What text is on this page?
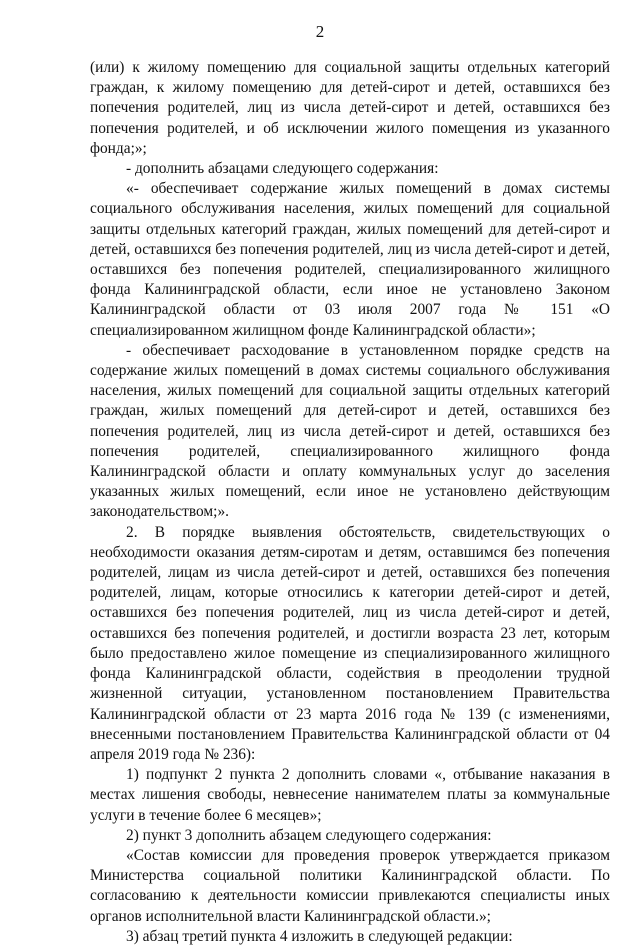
2

(или) к жилому помещению для социальной защиты отдельных категорий граждан, к жилому помещению для детей-сирот и детей, оставшихся без попечения родителей, лиц из числа детей-сирот и детей, оставшихся без попечения родителей, и об исключении жилого помещения из указанного фонда;»;

- дополнить абзацами следующего содержания:

«- обеспечивает содержание жилых помещений в домах системы социального обслуживания населения, жилых помещений для социальной защиты отдельных категорий граждан, жилых помещений для детей-сирот и детей, оставшихся без попечения родителей, лиц из числа детей-сирот и детей, оставшихся без попечения родителей, специализированного жилищного фонда Калининградской области, если иное не установлено Законом Калининградской области от 03 июля 2007 года № 151 «О специализированном жилищном фонде Калининградской области»;

- обеспечивает расходование в установленном порядке средств на содержание жилых помещений в домах системы социального обслуживания населения, жилых помещений для социальной защиты отдельных категорий граждан, жилых помещений для детей-сирот и детей, оставшихся без попечения родителей, лиц из числа детей-сирот и детей, оставшихся без попечения родителей, специализированного жилищного фонда Калининградской области и оплату коммунальных услуг до заселения указанных жилых помещений, если иное не установлено действующим законодательством;».

2. В порядке выявления обстоятельств, свидетельствующих о необходимости оказания детям-сиротам и детям, оставшимся без попечения родителей, лицам из числа детей-сирот и детей, оставшихся без попечения родителей, лицам, которые относились к категории детей-сирот и детей, оставшихся без попечения родителей, лиц из числа детей-сирот и детей, оставшихся без попечения родителей, и достигли возраста 23 лет, которым было предоставлено жилое помещение из специализированного жилищного фонда Калининградской области, содействия в преодолении трудной жизненной ситуации, установленном постановлением Правительства Калининградской области от 23 марта 2016 года № 139 (с изменениями, внесенными постановлением Правительства Калининградской области от 04 апреля 2019 года № 236):

1) подпункт 2 пункта 2 дополнить словами «, отбывание наказания в местах лишения свободы, невнесение нанимателем платы за коммунальные услуги в течение более 6 месяцев»;

2) пункт 3 дополнить абзацем следующего содержания:

«Состав комиссии для проведения проверок утверждается приказом Министерства социальной политики Калининградской области. По согласованию к деятельности комиссии привлекаются специалисты иных органов исполнительной власти Калининградской области.»;

3) абзац третий пункта 4 изложить в следующей редакции:
